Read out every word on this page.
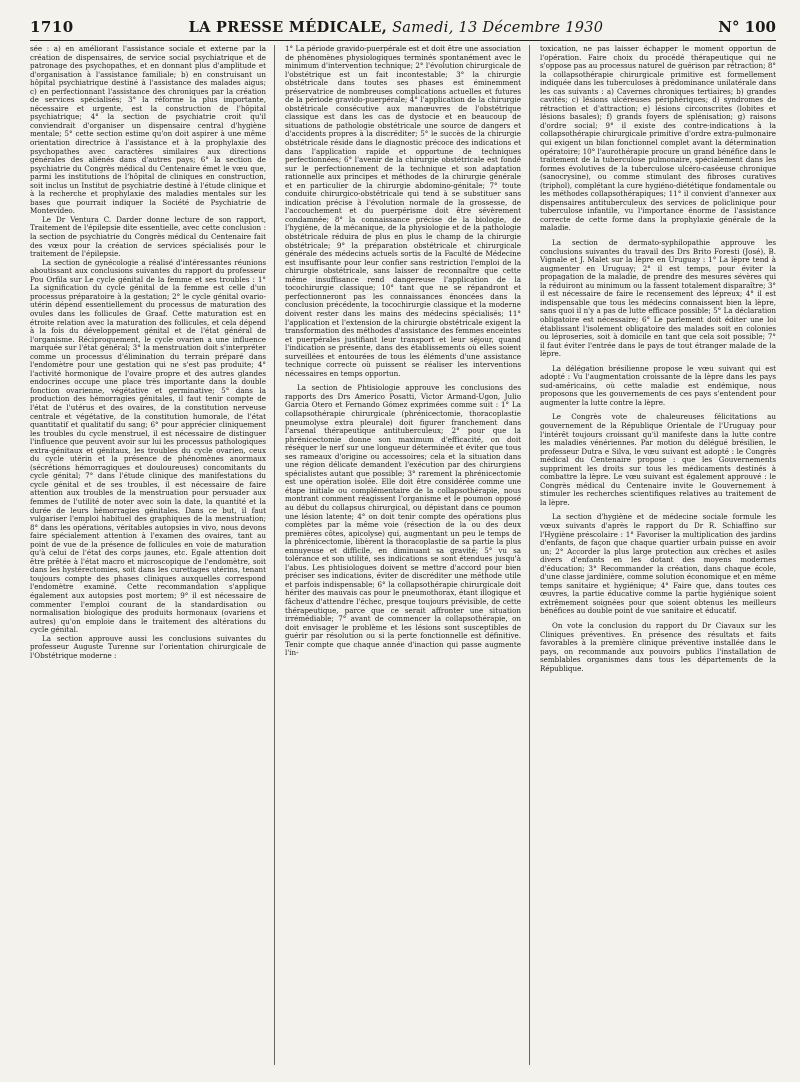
1710	LA PRESSE MÉDICALE, Samedi, 13 Décembre 1930	N° 100

sée : a) en améliorant l'assistance sociale et externe par la création de dispensaires, de service social psychiatrique et de patronage des psychopathes, et en donnant plus d'amplitude et d'organisation à l'assistance familiale; b) en construisant un hôpital psychiatrique destiné à l'assistance des malades aigus; c) en perfectionnant l'assistance des chroniques par la création de services spécialisés; 3° la réforme la plus importante, nécessaire et urgente, est la construction de l'hôpital psychiatrique; 4° la section de psychiatrie croit qu'il conviendrait d'organiser un dispensaire central d'hygiène mentale; 5° cette section estime qu'on doit aspirer à une même orientation directrice à l'assistance et à la prophylaxie des psychopathes avec caractères similaires aux directions générales des aliénés dans d'autres pays; 6° la section de psychiatrie du Congrès médical du Centenaire émet le vœu que, parmi les institutions de l'hôpital de cliniques en construction, soit inclus un Institut de psychiatrie destiné à l'étude clinique et à la recherche et prophylaxie des maladies mentales sur les bases que pourrait indiquer la Société de Psychiatrie de Montevideo.

Le Dr Ventura C. Darder donne lecture de son rapport, Traitement de l'épilepsie dite essentielle, avec cette conclusion : la section de psychiatrie du Congrès médical du Centenaire fait des vœux pour la création de services spécialisés pour le traitement de l'épilepsie.

La section de gynécologie a réalisé d'intéressantes réunions aboutissant aux conclusions suivantes du rapport du professeur Pou Orfila sur Le cycle génital de la femme et ses troubles : 1° La signification du cycle génital de la femme est celle d'un processus préparatoire à la gestation; 2° le cycle génital ovario-utérin dépend essentiellement du processus de maturation des ovules dans les follicules de Graaf. Cette maturation est en étroite relation avec la maturation des follicules, et cela dépend à la fois du développement génital et de l'état général de l'organisme. Réciproquement, le cycle ovarien a une influence marquée sur l'état général; 3° la menstruation doit s'interpréter comme un processus d'élimination du terrain préparé dans l'endomètre pour une gestation qui ne s'est pas produite; 4° l'activité hormonique de l'ovaire propre et des autres glandes endocrines occupe une place très importante dans la double fonction ovarienne, végétative et germinative; 5° dans la production des hémorragies génitales, il faut tenir compte de l'état de l'utérus et des ovaires, de la constitution nerveuse centrale et végétative, de la constitution humorale, de l'état quantitatif et qualitatif du sang; 6° pour apprécier cliniquement les troubles du cycle menstruel, il est nécessaire de distinguer l'influence que peuvent avoir sur lui les processus pathologiques extra-génitaux et génitaux, les troubles du cycle ovarien, ceux du cycle utérin et la présence de phénomènes anormaux (sécrétions hémorragiques et douloureuses) concomitants du cycle génital; 7° dans l'étude clinique des manifestations du cycle génital et de ses troubles, il est nécessaire de faire attention aux troubles de la menstruation pour persuader aux femmes de l'utilité de noter avec soin la date, la quantité et la durée de leurs hémorragies génitales. Dans ce but, il faut vulgariser l'emploi habituel des graphiques de la menstruation; 8° dans les opérations, véritables autopsies in vivo, nous devons faire spécialement attention à l'examen des ovaires, tant au point de vue de la présence de follicules en voie de maturation qu'à celui de l'état des corps jaunes, etc. Egale attention doit être prêtée à l'état macro et microscopique de l'endomètre, soit dans les hystérectomies, soit dans les curettages utérins, tenant toujours compte des phases cliniques auxquelles correspond l'endomètre examiné. Cette recommandation s'applique également aux autopsies post mortem; 9° il est nécessaire de commenter l'emploi courant de la standardisation ou normalisation biologique des produits hormonaux (ovariens et autres) qu'on emploie dans le traitement des altérations du cycle génital.

La section approuve aussi les conclusions suivantes du professeur Auguste Turenne sur l'orientation chirurgicale de l'Obstétrique moderne :

1° La période gravido-puerpérale est et doit être une association de phénomènes physiologiques terminés spontanément avec le minimum d'intervention technique; 2° l'évolution chirurgicale de l'obstétrique est un fait incontestable; 3° la chirurgie obstétricale dans toutes ses phases est éminemment préservatrice de nombreuses complications actuelles et futures de la période gravido-puerpérale; 4° l'application de la chirurgie obstétricale consécutive aux manœuvres de l'obstétrique classique est dans les cas de dystocie et en beaucoup de situations de pathologie obstétricale une source de dangers et d'accidents propres à la discréditer; 5° le succès de la chirurgie obstétricale réside dans le diagnostic précoce des indications et dans l'application rapide et opportune de techniques perfectionnées; 6° l'avenir de la chirurgie obstétricale est fondé sur le perfectionnement de la technique et son adaptation rationnelle aux principes et méthodes de la chirurgie générale et en particulier de la chirurgie abdomino-génitale; 7° toute conduite chirurgico-obstétricale qui tend à se substituer sans indication précise à l'évolution normale de la grossesse, de l'accouchement et du puerpérisme doit être sévèrement condamnée; 8° la connaissance précise de la biologie, de l'hygiène, de la mécanique, de la physiologie et de la pathologie obstétricale réduira de plus en plus le champ de la chirurgie obstétricale; 9° la préparation obstétricale et chirurgicale générale des médecins actuels sortis de la Faculté de Médecine est insuffisante pour leur confier sans restriction l'emploi de la chirurgie obstétricale, sans laisser de reconnaître que cette même insuffisance rend dangereuse l'application de la tocochirurgie classique; 10° tant que ne se répandront et perfectionneront pas les connaissances énoncées dans la conclusion précédente, la tocochirurgie classique et la moderne doivent rester dans les mains des médecins spécialisés; 11° l'application et l'extension de la chirurgie obstétricale exigent la transformation des méthodes d'assistance des femmes enceintes et puerpérales justifiant leur transport et leur séjour, quand l'indication se présente, dans des établissements où elles soient surveillées et entourées de tous les éléments d'une assistance technique correcte où puissent se réaliser les interventions nécessaires en temps opportun.

La section de Phtisiologie approuve les conclusions des rapports des Drs Americo Posatti, Victor Armand-Ugon, Julio Garcia Otero et Fernando Gómez exprimées comme suit : 1° La collapsothérapie chirurgicale (phrénicectomie, thoracoplastie pneumolyse extra pleurale) doit figurer franchement dans l'arsenal thérapeutique antituberculeux; 2° pour que la phrénicectomie donne son maximum d'efficacité, on doit réséquer le nerf sur une longueur déterminée et éviter que tous ses rameaux d'origine ou accessoires; cela et la situation dans une région délicate demandent l'exécution par des chirurgiens spécialistes autant que possible; 3° rarement la phrénicectomie est une opération isolée. Elle doit être considérée comme une étape initiale ou complémentaire de la collapsothérapie, nous montrant comment réagissent l'organisme et le poumon opposé au début du collapsus chirurgical, ou dépistant dans ce poumon une lésion latente; 4° on doit tenir compte des opérations plus complètes par la même voie (résection de la ou des deux premières côtes, apicolyse) qui, augmentant un peu le temps de la phrénicectomie, libèrent la thoracoplastie de sa partie la plus ennuyeuse et difficile, en diminuant sa gravité; 5° vu sa tolérance et son utilité, ses indications se sont étendues jusqu'à l'abus. Les phtisiologues doivent se mettre d'accord pour bien préciser ses indications, éviter de discréditer une méthode utile et parfois indispensable; 6° la collapsothérapie chirurgicale doit hériter des mauvais cas pour le pneumothorax, étant illogique et fâcheux d'attendre l'échec, presque toujours prévisible, de cette thérapeutique, parce que ce serait affronter une situation irrémédiable; 7° avant de commencer la collapsothérapie, on doit envisager le problème et les lésions sont susceptibles de guérir par résolution ou si la perte fonctionnelle est définitive. Tenir compte que chaque année d'inaction qui passe augmente l'in-

toxication, ne pas laisser échapper le moment opportun de l'opération. Faire choix du procédé thérapeutique qui ne s'oppose pas au processus naturel de guérison par rétraction; 8° la collapsothérapie chirurgicale primitive est formellement indiquée dans les tuberculoses à prédominance unilatérale dans les cas suivants : a) Cavernes chroniques tertiaires; b) grandes cavités; c) lésions ulcéreuses périphériques; d) syndromes de rétraction et d'attraction; e) lésions circonscrites (lobites et lésions basales); f) grands foyers de splénisation; g) raisons d'ordre social; 9° il existe des contre-indications à la collapsothérapie chirurgicale primitive d'ordre extra-pulmonaire qui exigent un bilan fonctionnel complet avant la détermination opératoire; 10° l'aurothérapie procure un grand bénéfice dans le traitement de la tuberculose pulmonaire, spécialement dans les formes évolutives de la tuberculose ulcéro-caséeuse chronique (sanocrysine), ou comme stimulant des fibroses curatives (triphol), complétant la cure hygiéno-diététique fondamentale ou les méthodes collapsothérapiques; 11° il convient d'annexer aux dispensaires antituberculeux des services de policlinique pour tuberculose infantile, vu l'importance énorme de l'assistance correcte de cette forme dans la prophylaxie générale de la maladie.

La section de dermato-syphilopathie approuve les conclusions suivantes du travail des Drs Brito Foresti (José), B. Vignale et J. Malet sur la lèpre en Uruguay : 1° La lèpre tend à augmenter en Uruguay; 2° il est temps, pour éviter la propagation de la maladie, de prendre des mesures sévères qui la réduiront au minimum ou la fassent totalement disparaître; 3° il est nécessaire de faire le recensement des lépreux; 4° il est indispensable que tous les médecins connaissent bien la lèpre, sans quoi il n'y a pas de lutte efficace possible; 5° La déclaration obligatoire est nécessaire; 6° Le parlement doit éditer une loi établissant l'isolement obligatoire des malades soit en colonies ou léproseries, soit à domicile en tant que cela soit possible; 7° il faut éviter l'entrée dans le pays de tout étranger malade de la lèpre.

La délégation brésilienne propose le vœu suivant qui est adopté : Vu l'augmentation croissante de la lèpre dans les pays sud-américains, où cette maladie est endémique, nous proposons que les gouvernements de ces pays s'entendent pour augmenter la lutte contre la lèpre.

Le Congrès vote de chaleureuses félicitations au gouvernement de la République Orientale de l'Uruguay pour l'intérêt toujours croissant qu'il manifeste dans la lutte contre les maladies vénériennes. Par motion du délégué brésilien, le professeur Dutra e Silva, le vœu suivant est adopté : le Congrès médical du Centenaire propose : que les Gouvernements suppriment les droits sur tous les médicaments destinés à combattre la lèpre. Le vœu suivant est également approuvé : le Congrès médical du Centenaire invite le Gouvernement à stimuler les recherches scientifiques relatives au traitement de la lèpre.

La section d'hygiène et de médecine sociale formule les vœux suivants d'après le rapport du Dr R. Schiaffino sur l'Hygiène préscolaire : 1° Favoriser la multiplication des jardins d'enfants, de façon que chaque quartier urbain puisse en avoir un; 2° Accorder la plus large protection aux crèches et asiles divers d'enfants en les dotant des moyens modernes d'éducation; 3° Recommander la création, dans chaque école, d'une classe jardinière, comme solution économique et en même temps sanitaire et hygiénique; 4° Faire que, dans toutes ces œuvres, la partie éducative comme la partie hygiénique soient extrêmement soignées pour que soient obtenus les meilleurs bénéfices au double point de vue sanitaire et éducatif.

On vote la conclusion du rapport du Dr Ciavaux sur les Cliniques préventives. En présence des résultats et faits favorables à la première clinique préventive installée dans le pays, on recommande aux pouvoirs publics l'installation de semblables organismes dans tous les départements de la République.
